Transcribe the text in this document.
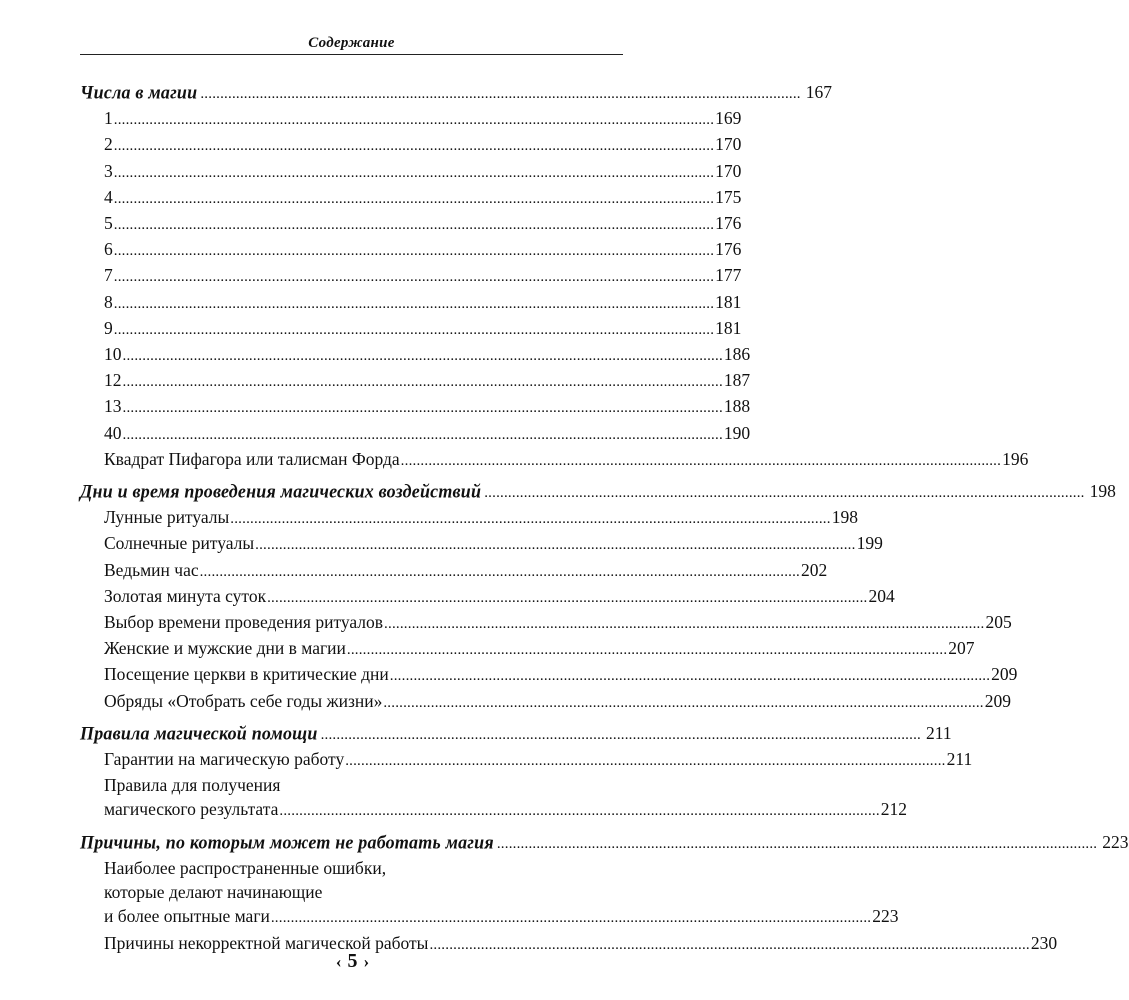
Содержание
Числа в магии ........................................................................................................................................................ 167
1 ........................................................................................................................................................ 169
2 ........................................................................................................................................................ 170
3 ........................................................................................................................................................ 170
4 ........................................................................................................................................................ 175
5 ........................................................................................................................................................ 176
6 ........................................................................................................................................................ 176
7 ........................................................................................................................................................ 177
8 ........................................................................................................................................................ 181
9 ........................................................................................................................................................ 181
10 ........................................................................................................................................................ 186
12 ........................................................................................................................................................ 187
13 ........................................................................................................................................................ 188
40 ........................................................................................................................................................ 190
Квадрат Пифагора или талисман Форда ........................................................................................................................................................ 196
Дни и время проведения магических воздействий ........................................................................................................................................................ 198
Лунные ритуалы ........................................................................................................................................................ 198
Солнечные ритуалы ........................................................................................................................................................ 199
Ведьмин час ........................................................................................................................................................ 202
Золотая минута суток ........................................................................................................................................................ 204
Выбор времени проведения ритуалов ........................................................................................................................................................ 205
Женские и мужские дни в магии ........................................................................................................................................................ 207
Посещение церкви в критические дни ........................................................................................................................................................ 209
Обряды «Отобрать себе годы жизни» ........................................................................................................................................................ 209
Правила магической помощи ........................................................................................................................................................ 211
Гарантии на магическую работу ........................................................................................................................................................ 211
Правила для получения
магического результата ........................................................................................................................................................ 212
Причины, по которым может не работать магия ........................................................................................................................................................ 223
Наиболее распространенные ошибки,
которые делают начинающие
и более опытные маги ........................................................................................................................................................ 223
Причины некорректной магической работы ........................................................................................................................................................ 230
‹ 5 ›
